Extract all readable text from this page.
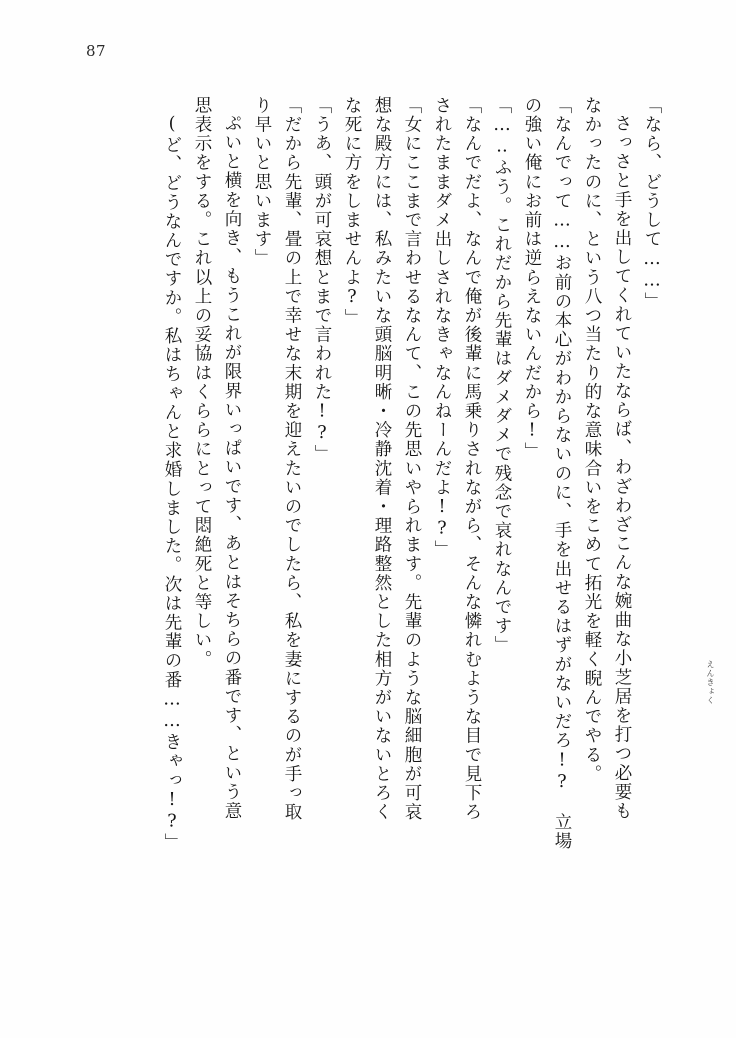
87
「なら、どうして……」
さっさと手を出してくれていたならば、わざわざこんな婉曲な小芝居を打つ必要も
なかったのに、という八つ当たり的な意味合いをこめて拓光を軽く睨んでやる。
「なんでって……お前の本心がわからないのに、手を出せるはずがないだろ!?　立場
の強い俺にお前は逆らえないんだから!」
「…‥ふう。これだから先輩はダメダメで残念で哀れなんです」
「なんでだよ、なんで俺が後輩に馬乗りされながら、そんな憐れむような目で見下ろ
されたままダメ出しされなきゃなんねーんだよ!?」
「女にここまで言わせるなんて、この先思いやられます。先輩のような脳細胞が可哀
想な殿方には、私みたいな頭脳明晰・冷静沈着・理路整然とした相方がいないとろく
な死に方をしませんよ?」
「うあ、頭が可哀想とまで言われた!?」
「だから先輩、畳の上で幸せな末期を迎えたいのでしたら、私を妻にするのが手っ取
り早いと思います」
ぷいと横を向き、もうこれが限界いっぱいです、あとはそちらの番です、という意
思表示をする。これ以上の妥協はくららにとって悶絶死と等しい。
(ど、どうなんですか。私はちゃんと求婚しました。次は先輩の番……きゃっ!?」	えんきょく
